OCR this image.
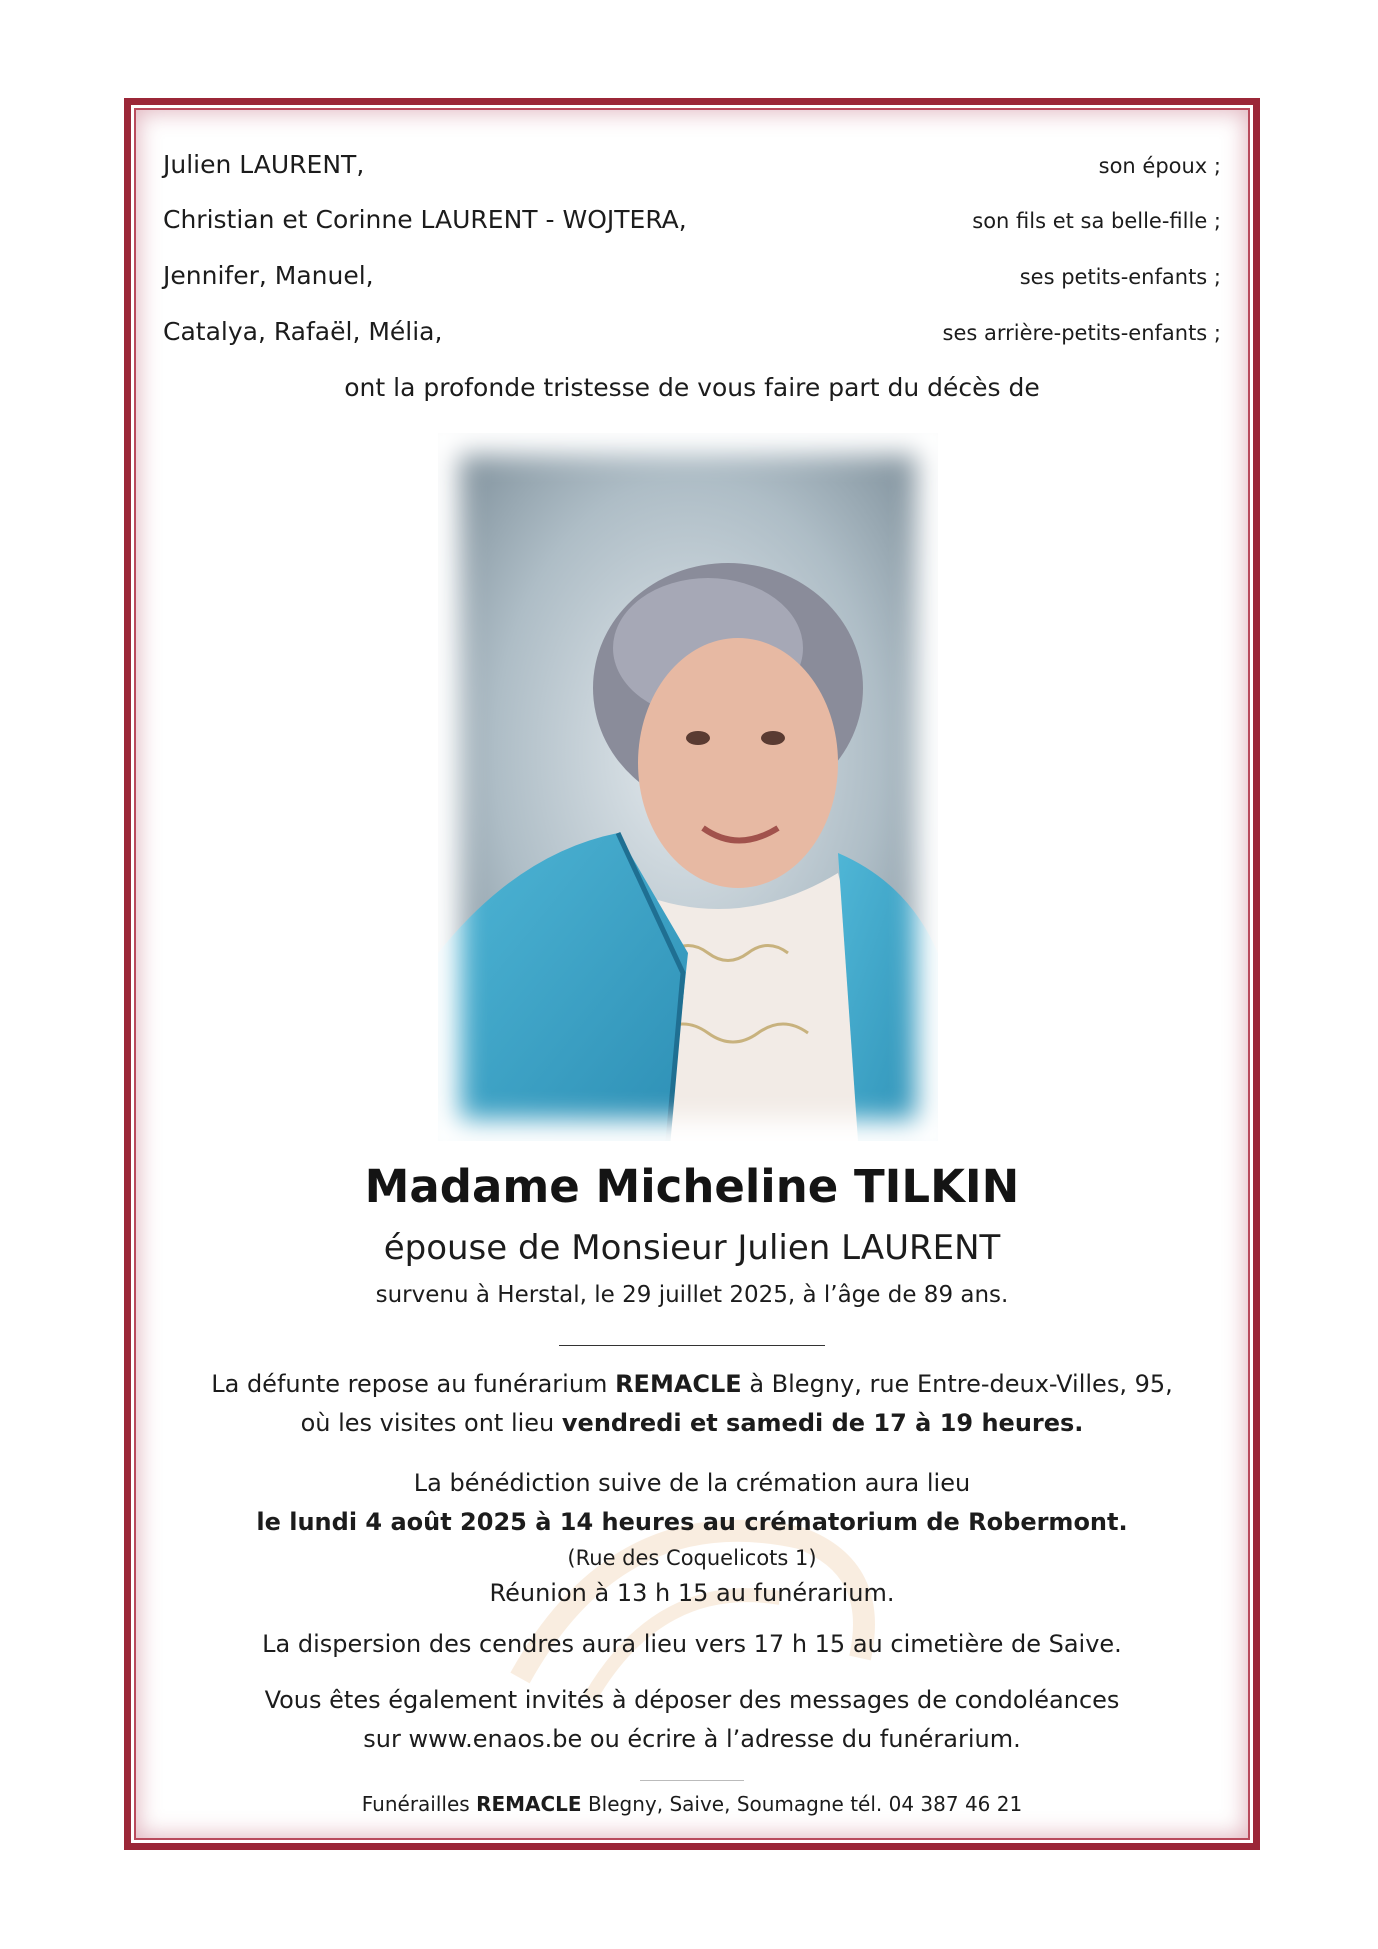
Julien LAURENT,	son époux ;
Christian et Corinne LAURENT - WOJTERA,	son fils et sa belle-fille ;
Jennifer, Manuel,	ses petits-enfants ;
Catalya, Rafaël, Mélia,	ses arrière-petits-enfants ;
ont la profonde tristesse de vous faire part du décès de
Madame Micheline TILKIN
épouse de Monsieur Julien LAURENT
survenu à Herstal, le 29 juillet 2025, à l’âge de 89 ans.
La défunte repose au funérarium REMACLE à Blegny, rue Entre-deux-Villes, 95,
où les visites ont lieu vendredi et samedi de 17 à 19 heures.
La bénédiction suive de la crémation aura lieu
le lundi 4 août 2025 à 14 heures au crématorium de Robermont.
(Rue des Coquelicots 1)
Réunion à 13 h 15 au funérarium.
La dispersion des cendres aura lieu vers 17 h 15 au cimetière de Saive.
Vous êtes également invités à déposer des messages de condoléances
sur www.enaos.be ou écrire à l’adresse du funérarium.
Funérailles REMACLE Blegny, Saive, Soumagne tél. 04 387 46 21
